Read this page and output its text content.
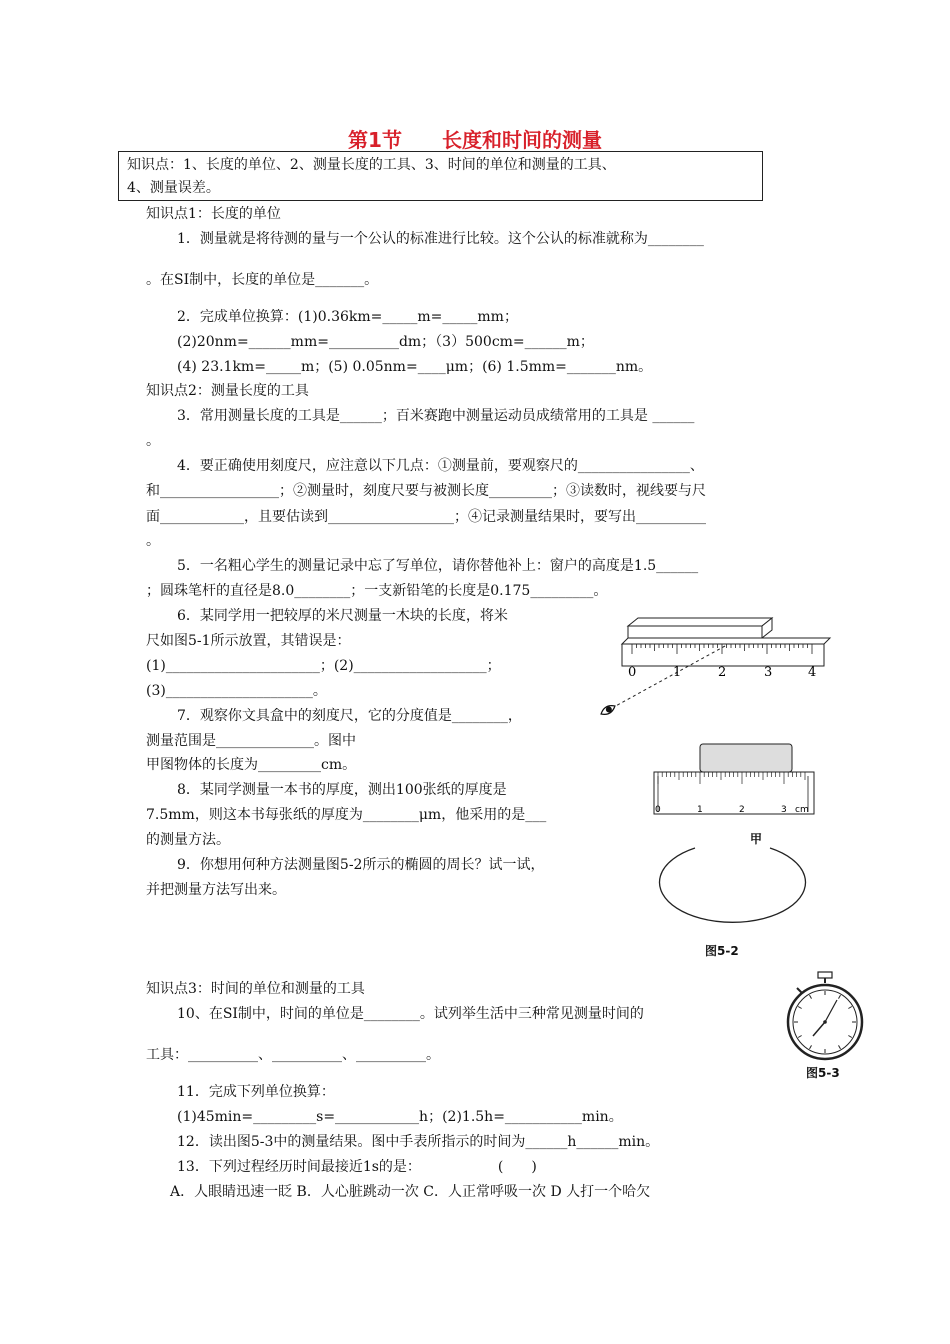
第1节　　长度和时间的测量
知识点：1、长度的单位、2、测量长度的工具、3、时间的单位和测量的工具、
4、测量误差。
知识点1：长度的单位
1．测量就是将待测的量与一个公认的标准进行比较。这个公认的标准就称为________
。在SI制中，长度的单位是_______。
2．完成单位换算：(1)0.36km=_____m=_____mm；
(2)20nm=______mm=__________dm；（3）500cm=______m；
(4) 23.1km=_____m；(5) 0.05nm=____μm；(6) 1.5mm=_______nm。
知识点2：测量长度的工具
3．常用测量长度的工具是______；百米赛跑中测量运动员成绩常用的工具是 ______
。
4．要正确使用刻度尺，应注意以下几点：①测量前，要观察尺的________________、
和_________________；②测量时，刻度尺要与被测长度_________；③读数时，视线要与尺
面____________，且要估读到__________________；④记录测量结果时，要写出__________
。
5．一名粗心学生的测量记录中忘了写单位，请你替他补上：窗户的高度是1.5______
；圆珠笔杆的直径是8.0________；一支新铅笔的长度是0.175_________。
6．某同学用一把较厚的米尺测量一木块的长度，将米
尺如图5-1所示放置，其错误是：
(1)______________________；(2)___________________；
(3)_____________________。
7．观察你文具盒中的刻度尺，它的分度值是________，
测量范围是______________。图中
甲图物体的长度为_________cm。
8．某同学测量一本书的厚度，测出100张纸的厚度是
7.5mm，则这本书每张纸的厚度为________μm，他采用的是___
的测量方法。
9．你想用何种方法测量图5-2所示的椭圆的周长？试一试，
并把测量方法写出来。
知识点3：时间的单位和测量的工具
10、在SI制中，时间的单位是________。试列举生活中三种常见测量时间的
工具：__________、__________、__________。
11．完成下列单位换算：
(1)45min=_________s=____________h；(2)1.5h=___________min。
12．读出图5-3中的测量结果。图中手表所指示的时间为______h______min。
13．下列过程经历时间最接近1s的是：　　　　　　(　　)
A．人眼睛迅速一眨 B．人心脏跳动一次 C．人正常呼吸一次 D 人打一个哈欠
0	1	2	3	4
0	1	2	3 cm
甲
图5-2
图5-3
